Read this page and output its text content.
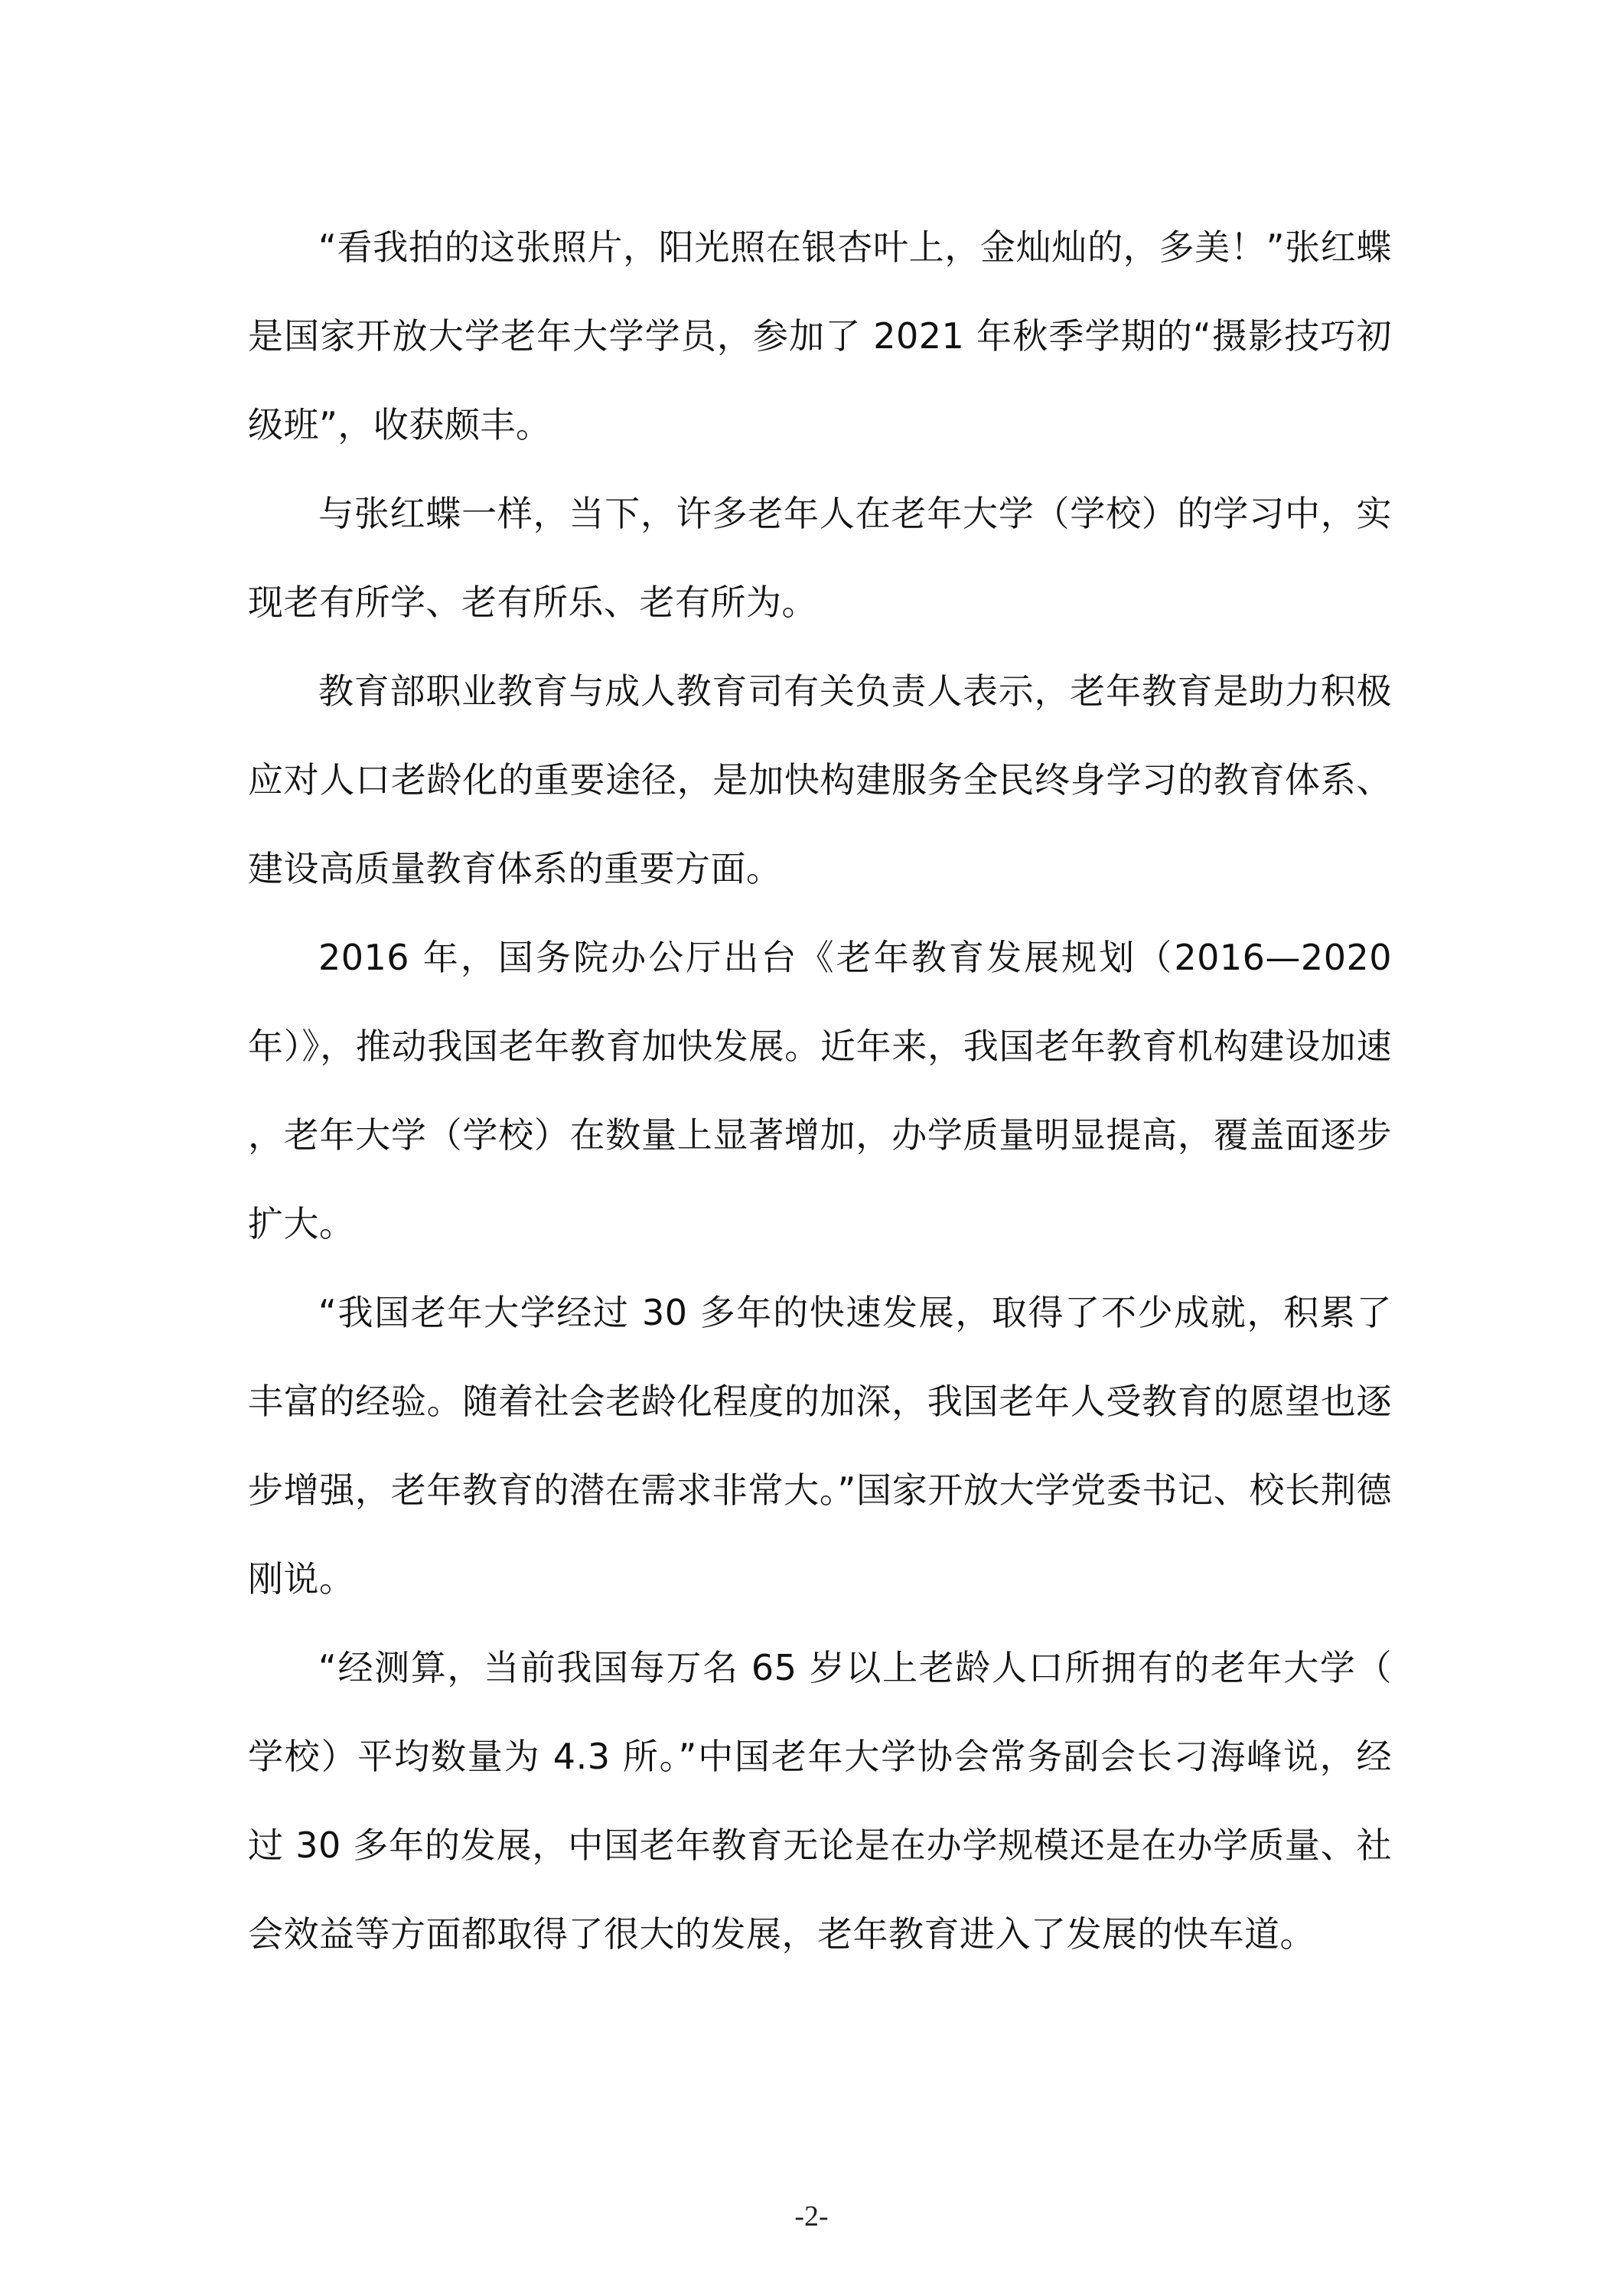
“看我拍的这张照片，阳光照在银杏叶上，金灿灿的，多美！”张红蝶是国家开放大学老年大学学员，参加了 2021 年秋季学期的“摄影技巧初级班”，收获颇丰。

与张红蝶一样，当下，许多老年人在老年大学（学校）的学习中，实现老有所学、老有所乐、老有所为。

教育部职业教育与成人教育司有关负责人表示，老年教育是助力积极应对人口老龄化的重要途径，是加快构建服务全民终身学习的教育体系、建设高质量教育体系的重要方面。

2016 年，国务院办公厅出台《老年教育发展规划（2016—2020 年）》，推动我国老年教育加快发展。近年来，我国老年教育机构建设加速，老年大学（学校）在数量上显著增加，办学质量明显提高，覆盖面逐步扩大。

“我国老年大学经过 30 多年的快速发展，取得了不少成就，积累了丰富的经验。随着社会老龄化程度的加深，我国老年人受教育的愿望也逐步增强，老年教育的潜在需求非常大。”国家开放大学党委书记、校长荆德刚说。

“经测算，当前我国每万名 65 岁以上老龄人口所拥有的老年大学（学校）平均数量为 4.3 所。”中国老年大学协会常务副会长刁海峰说，经过 30 多年的发展，中国老年教育无论是在办学规模还是在办学质量、社会效益等方面都取得了很大的发展，老年教育进入了发展的快车道。

-2-
